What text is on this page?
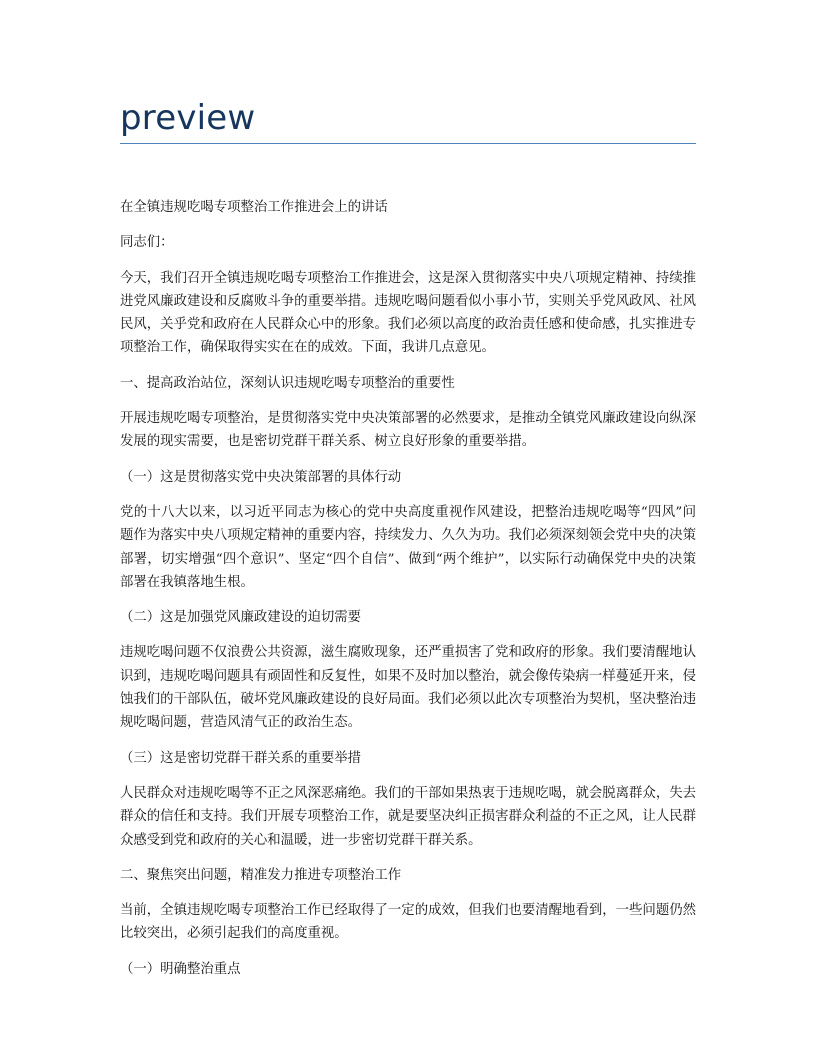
preview

在全镇违规吃喝专项整治工作推进会上的讲话

同志们：

今天，我们召开全镇违规吃喝专项整治工作推进会，这是深入贯彻落实中央八项规定精神、持续推进党风廉政建设和反腐败斗争的重要举措。违规吃喝问题看似小事小节，实则关乎党风政风、社风民风，关乎党和政府在人民群众心中的形象。我们必须以高度的政治责任感和使命感，扎实推进专项整治工作，确保取得实实在在的成效。下面，我讲几点意见。

一、提高政治站位，深刻认识违规吃喝专项整治的重要性

开展违规吃喝专项整治，是贯彻落实党中央决策部署的必然要求，是推动全镇党风廉政建设向纵深发展的现实需要，也是密切党群干群关系、树立良好形象的重要举措。

（一）这是贯彻落实党中央决策部署的具体行动

党的十八大以来，以习近平同志为核心的党中央高度重视作风建设，把整治违规吃喝等“四风”问题作为落实中央八项规定精神的重要内容，持续发力、久久为功。我们必须深刻领会党中央的决策部署，切实增强“四个意识”、坚定“四个自信”、做到“两个维护”，以实际行动确保党中央的决策部署在我镇落地生根。

（二）这是加强党风廉政建设的迫切需要

违规吃喝问题不仅浪费公共资源，滋生腐败现象，还严重损害了党和政府的形象。我们要清醒地认识到，违规吃喝问题具有顽固性和反复性，如果不及时加以整治，就会像传染病一样蔓延开来，侵蚀我们的干部队伍，破坏党风廉政建设的良好局面。我们必须以此次专项整治为契机，坚决整治违规吃喝问题，营造风清气正的政治生态。

（三）这是密切党群干群关系的重要举措

人民群众对违规吃喝等不正之风深恶痛绝。我们的干部如果热衷于违规吃喝，就会脱离群众，失去群众的信任和支持。我们开展专项整治工作，就是要坚决纠正损害群众利益的不正之风，让人民群众感受到党和政府的关心和温暖，进一步密切党群干群关系。

二、聚焦突出问题，精准发力推进专项整治工作

当前，全镇违规吃喝专项整治工作已经取得了一定的成效，但我们也要清醒地看到，一些问题仍然比较突出，必须引起我们的高度重视。

（一）明确整治重点
